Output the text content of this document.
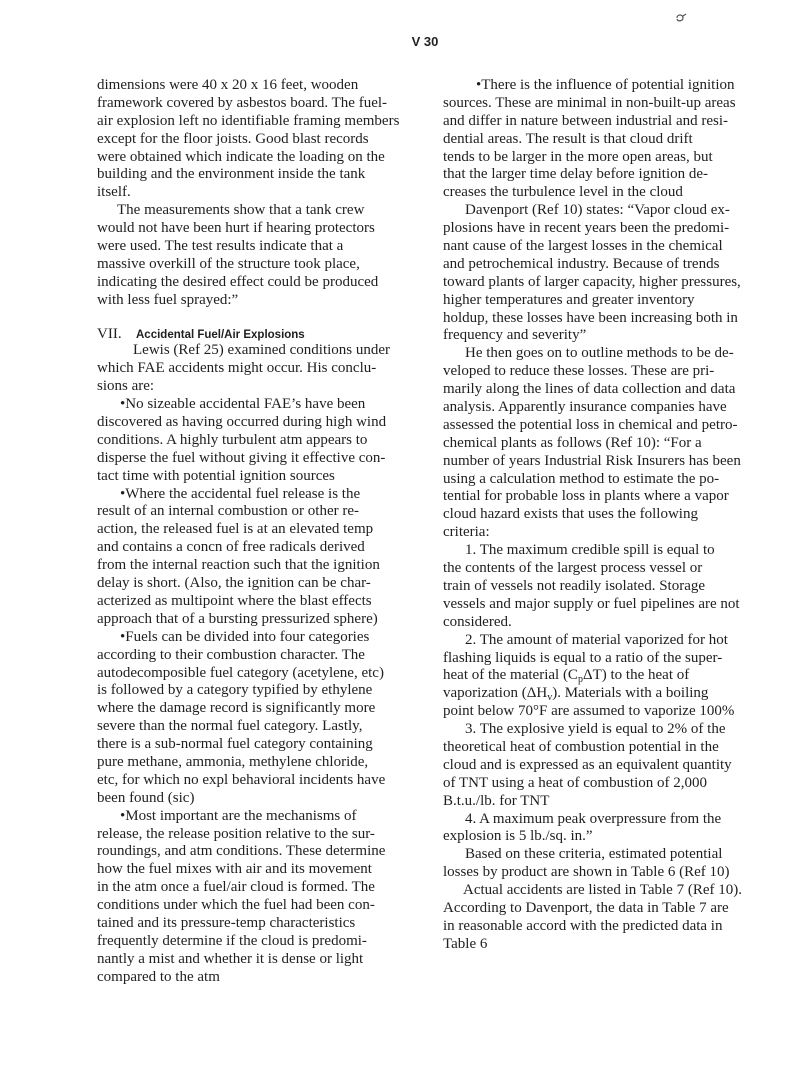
V 30
dimensions were 40 x 20 x 16 feet, wooden
framework covered by asbestos board. The fuel-
air explosion left no identifiable framing members
except for the floor joists. Good blast records
were obtained which indicate the loading on the
building and the environment inside the tank
itself.
The measurements show that a tank crew
would not have been hurt if hearing protectors
were used. The test results indicate that a
massive overkill of the structure took place,
indicating the desired effect could be produced
with less fuel sprayed:”
VII. Accidental Fuel/Air Explosions
Lewis (Ref 25) examined conditions under
which FAE accidents might occur. His conclu-
sions are:
•No sizeable accidental FAE’s have been
discovered as having occurred during high wind
conditions. A highly turbulent atm appears to
disperse the fuel without giving it effective con-
tact time with potential ignition sources
•Where the accidental fuel release is the
result of an internal combustion or other re-
action, the released fuel is at an elevated temp
and contains a concn of free radicals derived
from the internal reaction such that the ignition
delay is short. (Also, the ignition can be char-
acterized as multipoint where the blast effects
approach that of a bursting pressurized sphere)
•Fuels can be divided into four categories
according to their combustion character. The
autodecomposible fuel category (acetylene, etc)
is followed by a category typified by ethylene
where the damage record is significantly more
severe than the normal fuel category. Lastly,
there is a sub-normal fuel category containing
pure methane, ammonia, methylene chloride,
etc, for which no expl behavioral incidents have
been found (sic)
•Most important are the mechanisms of
release, the release position relative to the sur-
roundings, and atm conditions. These determine
how the fuel mixes with air and its movement
in the atm once a fuel/air cloud is formed. The
conditions under which the fuel had been con-
tained and its pressure-temp characteristics
frequently determine if the cloud is predomi-
nantly a mist and whether it is dense or light
compared to the atm
•There is the influence of potential ignition
sources. These are minimal in non-built-up areas
and differ in nature between industrial and resi-
dential areas. The result is that cloud drift
tends to be larger in the more open areas, but
that the larger time delay before ignition de-
creases the turbulence level in the cloud
Davenport (Ref 10) states: “Vapor cloud ex-
plosions have in recent years been the predomi-
nant cause of the largest losses in the chemical
and petrochemical industry. Because of trends
toward plants of larger capacity, higher pressures,
higher temperatures and greater inventory
holdup, these losses have been increasing both in
frequency and severity”
He then goes on to outline methods to be de-
veloped to reduce these losses. These are pri-
marily along the lines of data collection and data
analysis. Apparently insurance companies have
assessed the potential loss in chemical and petro-
chemical plants as follows (Ref 10): “For a
number of years Industrial Risk Insurers has been
using a calculation method to estimate the po-
tential for probable loss in plants where a vapor
cloud hazard exists that uses the following
criteria:
1. The maximum credible spill is equal to
the contents of the largest process vessel or
train of vessels not readily isolated. Storage
vessels and major supply or fuel pipelines are not
considered.
2. The amount of material vaporized for hot
flashing liquids is equal to a ratio of the super-
heat of the material $(C_p\Delta T)$ to the heat of
vaporization $(\Delta H_v)$. Materials with a boiling
point below 70°F are assumed to vaporize 100%
3. The explosive yield is equal to 2% of the
theoretical heat of combustion potential in the
cloud and is expressed as an equivalent quantity
of TNT using a heat of combustion of 2,000
B.t.u./lb. for TNT
4. A maximum peak overpressure from the
explosion is 5 lb./sq. in.”
Based on these criteria, estimated potential
losses by product are shown in Table 6 (Ref 10)
Actual accidents are listed in Table 7 (Ref 10).
According to Davenport, the data in Table 7 are
in reasonable accord with the predicted data in
Table 6
